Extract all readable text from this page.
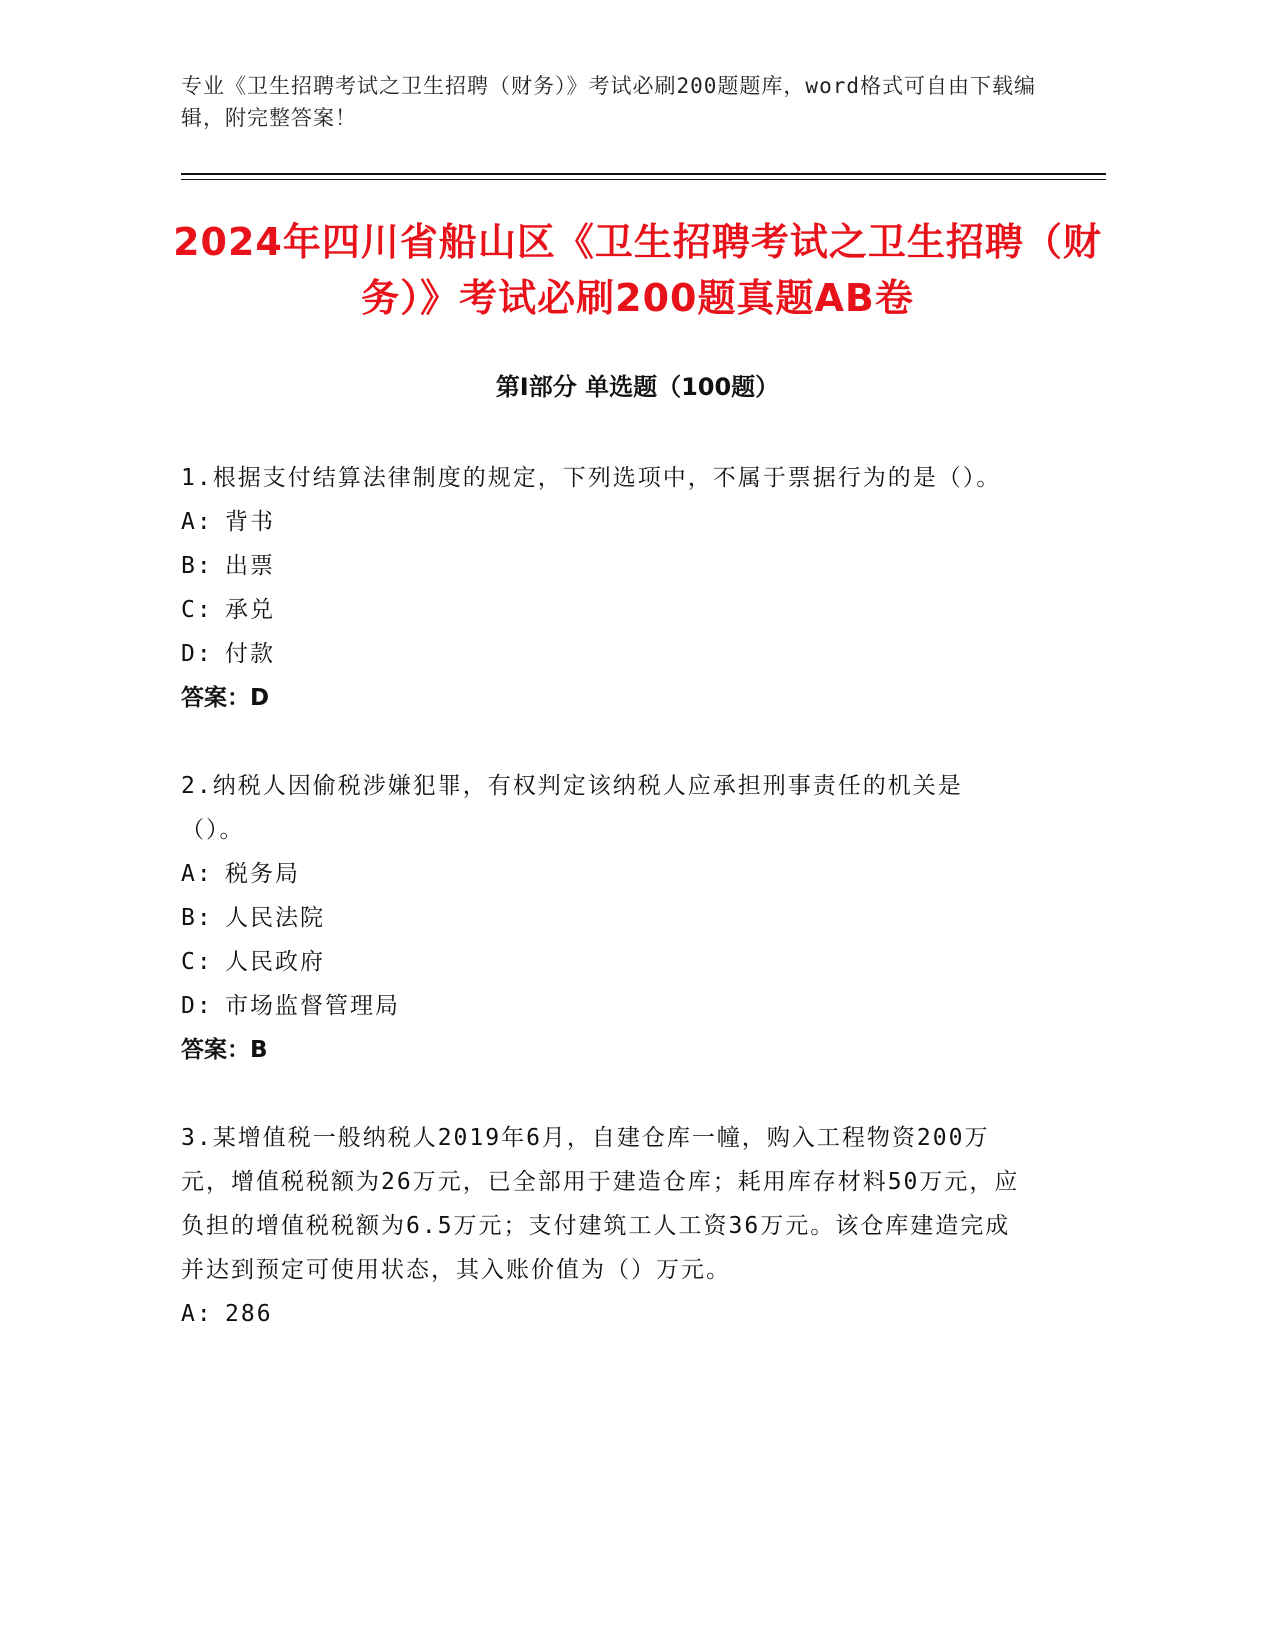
专业《卫生招聘考试之卫生招聘（财务）》考试必刷200题题库，word格式可自由下载编辑，附完整答案！
2024年四川省船山区《卫生招聘考试之卫生招聘（财务）》考试必刷200题真题AB卷
第Ⅰ部分 单选题（100题）
1.根据支付结算法律制度的规定，下列选项中，不属于票据行为的是（）。
A: 背书
B: 出票
C: 承兑
D: 付款
答案：D
2.纳税人因偷税涉嫌犯罪，有权判定该纳税人应承担刑事责任的机关是（）。
A: 税务局
B: 人民法院
C: 人民政府
D: 市场监督管理局
答案：B
3.某增值税一般纳税人2019年6月，自建仓库一幢，购入工程物资200万元，增值税税额为26万元，已全部用于建造仓库；耗用库存材料50万元，应负担的增值税税额为6.5万元；支付建筑工人工资36万元。该仓库建造完成并达到预定可使用状态，其入账价值为（）万元。
A: 286
